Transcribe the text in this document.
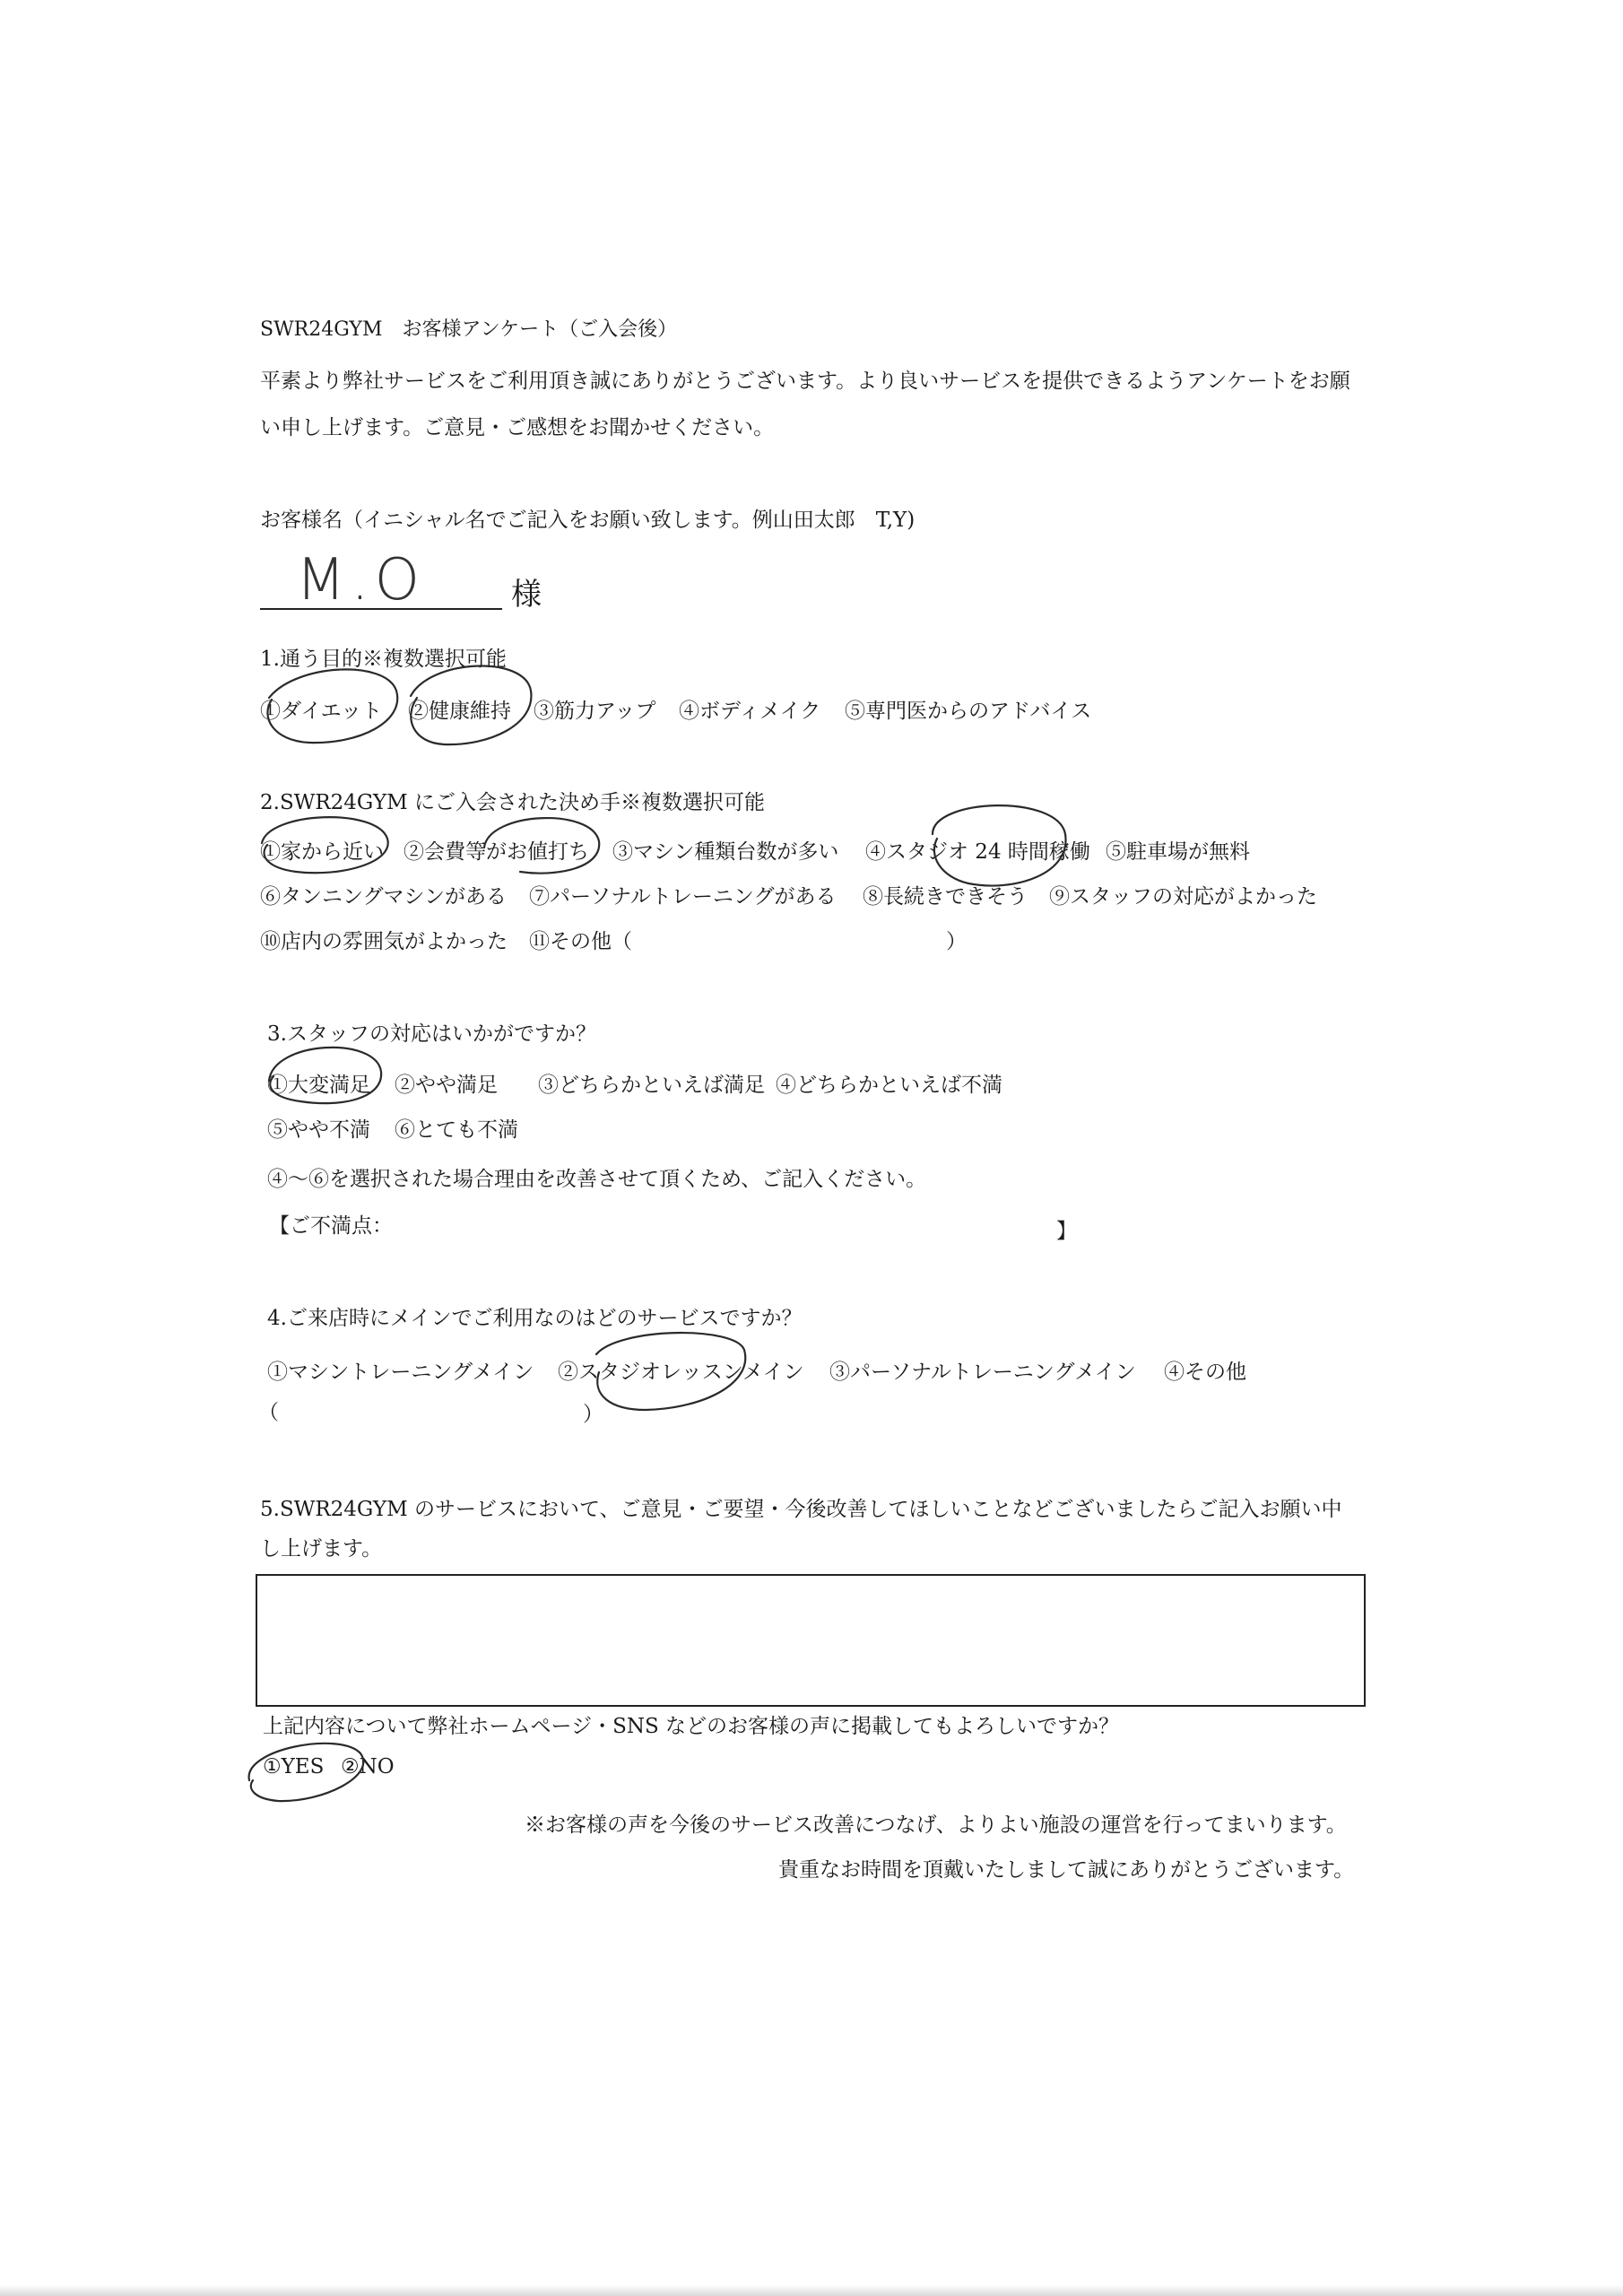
SWR24GYM　お客様アンケート（ご入会後）
平素より弊社サービスをご利用頂き誠にありがとうございます。より良いサービスを提供できるようアンケートをお願
い申し上げます。ご意見・ご感想をお聞かせください。
お客様名（イニシャル名でご記入をお願い致します。例山田太郎　T,Y)
M.O	様
1.通う目的※複数選択可能
①ダイエット ②健康維持 ③筋力アップ ④ボディメイク ⑤専門医からのアドバイス
2.SWR24GYM にご入会された決め手※複数選択可能
①家から近い ②会費等がお値打ち ③マシン種類台数が多い ④スタジオ 24 時間稼働 ⑤駐車場が無料
⑥タンニングマシンがある ⑦パーソナルトレーニングがある ⑧長続きできそう ⑨スタッフの対応がよかった
⑩店内の雰囲気がよかった ⑪その他（	）
3.スタッフの対応はいかがですか？
①大変満足 ②やや満足 ③どちらかといえば満足 ④どちらかといえば不満
⑤やや不満 ⑥とても不満
④～⑥を選択された場合理由を改善させて頂くため、ご記入ください。
【ご不満点：	】
4.ご来店時にメインでご利用なのはどのサービスですか？
①マシントレーニングメイン ②スタジオレッスンメイン ③パーソナルトレーニングメイン ④その他
（	）
5.SWR24GYM のサービスにおいて、ご意見・ご要望・今後改善してほしいことなどございましたらご記入お願い中
し上げます。
上記内容について弊社ホームページ・SNS などのお客様の声に掲載してもよろしいですか？
①YES ②NO
※お客様の声を今後のサービス改善につなげ、よりよい施設の運営を行ってまいります。
貴重なお時間を頂戴いたしまして誠にありがとうございます。
